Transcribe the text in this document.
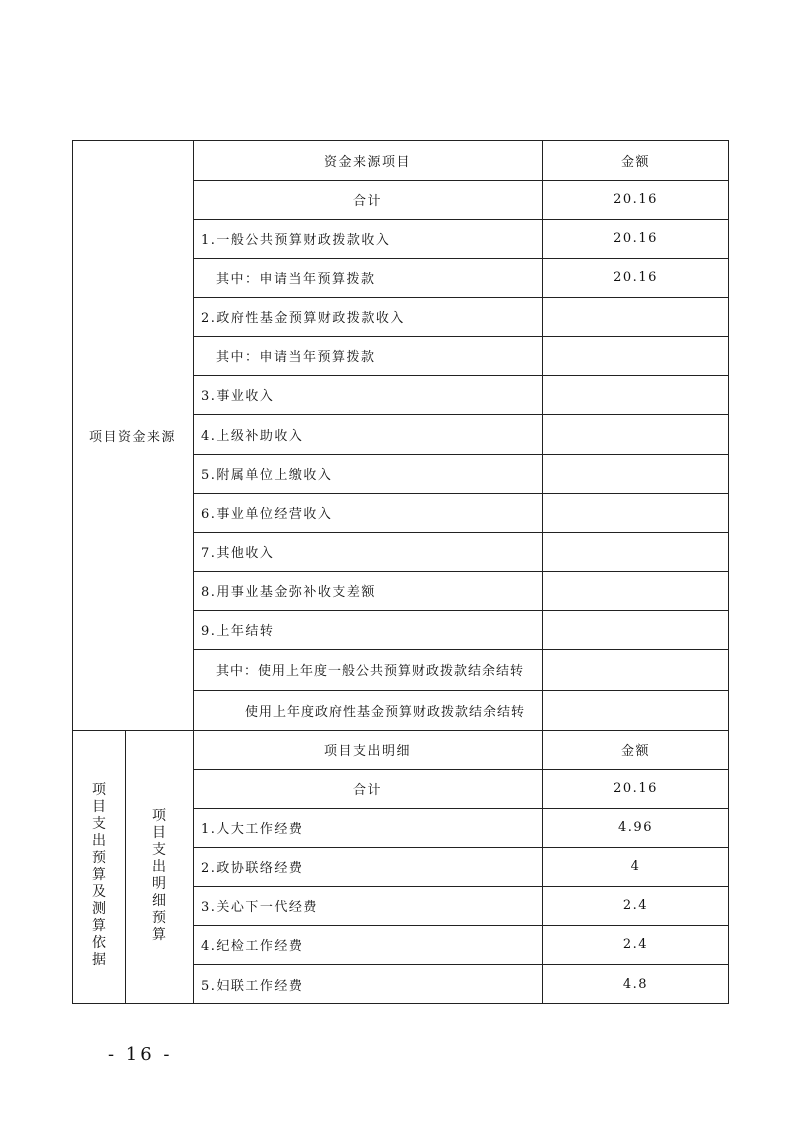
项目资金来源
资金来源项目	金额
合计	20.16
1.一般公共预算财政拨款收入	20.16
其中：申请当年预算拨款	20.16
2.政府性基金预算财政拨款收入
其中：申请当年预算拨款
3.事业收入
4.上级补助收入
5.附属单位上缴收入
6.事业单位经营收入
7.其他收入
8.用事业基金弥补收支差额
9.上年结转
其中：使用上年度一般公共预算财政拨款结余结转
使用上年度政府性基金预算财政拨款结余结转
项目支出预算及测算依据
项目支出明细预算
项目支出明细	金额
合计	20.16
1.人大工作经费	4.96
2.政协联络经费	4
3.关心下一代经费	2.4
4.纪检工作经费	2.4
5.妇联工作经费	4.8
- 16 -
